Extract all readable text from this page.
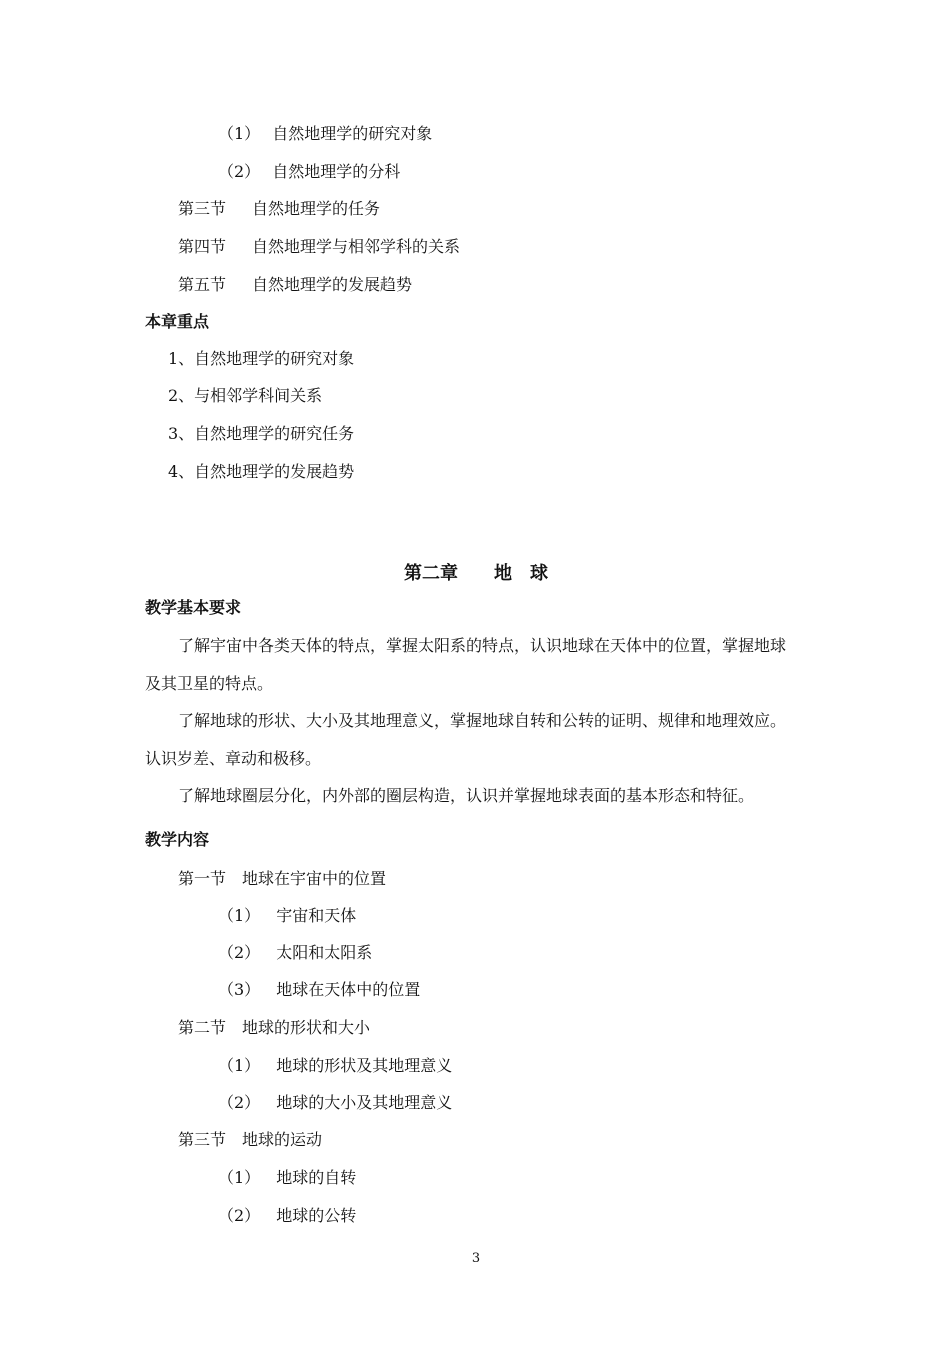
（1） 自然地理学的研究对象
（2） 自然地理学的分科
第三节 自然地理学的任务
第四节 自然地理学与相邻学科的关系
第五节 自然地理学的发展趋势
本章重点
1、自然地理学的研究对象
2、与相邻学科间关系
3、自然地理学的研究任务
4、自然地理学的发展趋势
第二章　　地　球
教学基本要求
了解宇宙中各类天体的特点，掌握太阳系的特点，认识地球在天体中的位置，掌握地球
及其卫星的特点。
了解地球的形状、大小及其地理意义，掌握地球自转和公转的证明、规律和地理效应。
认识岁差、章动和极移。
了解地球圈层分化，内外部的圈层构造，认识并掌握地球表面的基本形态和特征。
教学内容
第一节 地球在宇宙中的位置
（1） 宇宙和天体
（2） 太阳和太阳系
（3） 地球在天体中的位置
第二节 地球的形状和大小
（1） 地球的形状及其地理意义
（2） 地球的大小及其地理意义
第三节 地球的运动
（1） 地球的自转
（2） 地球的公转
3
